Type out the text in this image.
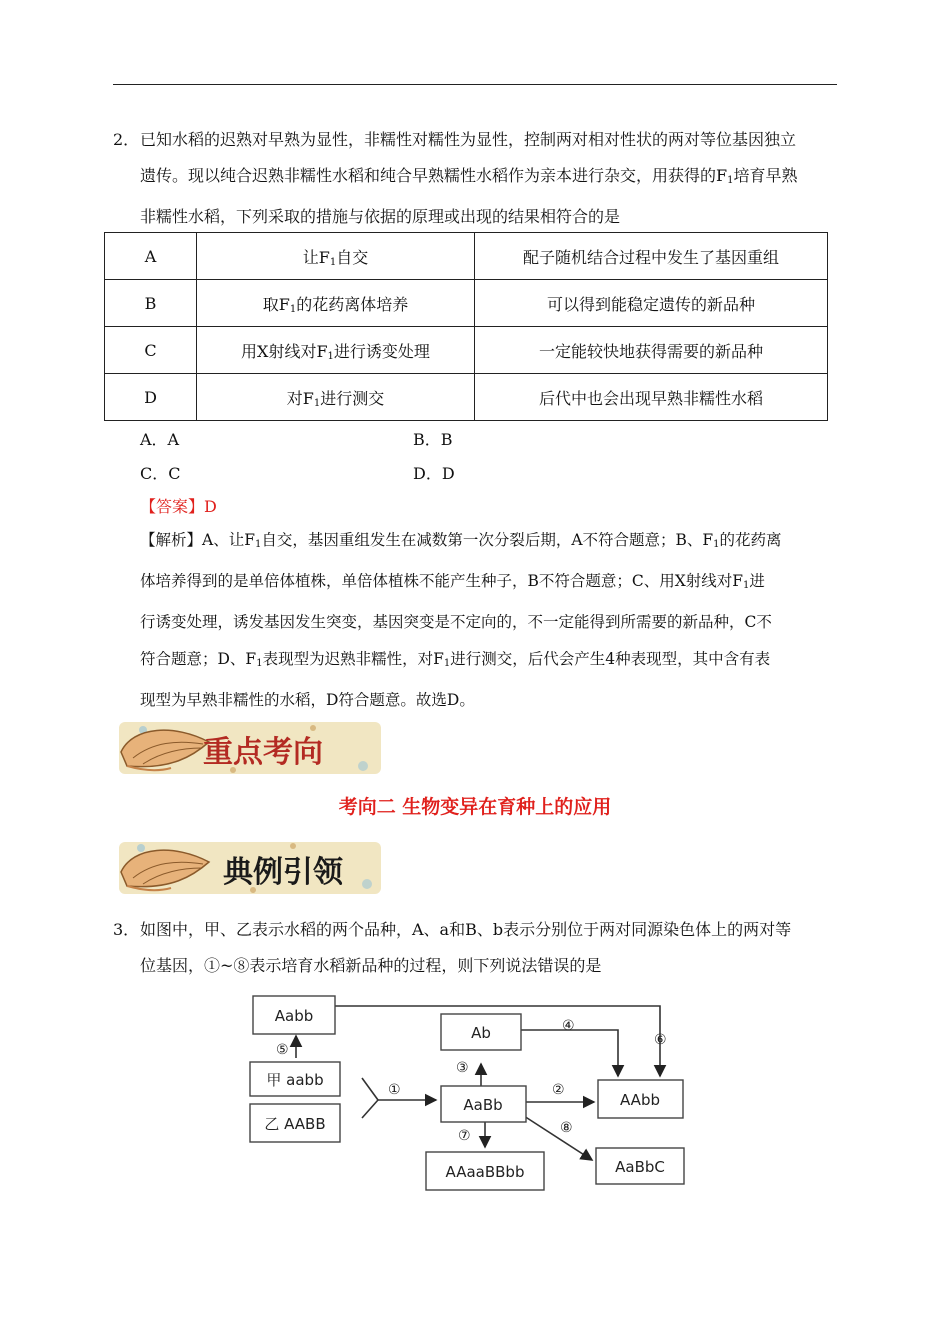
2． 已知水稻的迟熟对早熟为显性，非糯性对糯性为显性，控制两对相对性状的两对等位基因独立
遗传。现以纯合迟熟非糯性水稻和纯合早熟糯性水稻作为亲本进行杂交，用获得的$F_1$培育早熟
非糯性水稻，下列采取的措施与依据的原理或出现的结果相符合的是
A	让$F_1$自交	配子随机结合过程中发生了基因重组
B	取$F_1$的花药离体培养	可以得到能稳定遗传的新品种
C	用X射线对$F_1$进行诱变处理	一定能较快地获得需要的新品种
D	对$F_1$进行测交	后代中也会出现早熟非糯性水稻
A．A	B．B
C．C	D．D
【答案】D
【解析】A、让$F_1$自交，基因重组发生在减数第一次分裂后期，A不符合题意；B、$F_1$的花药离
体培养得到的是单倍体植株，单倍体植株不能产生种子，B不符合题意；C、用X射线对$F_1$进
行诱变处理，诱发基因发生突变，基因突变是不定向的，不一定能得到所需要的新品种，C不
符合题意；D、$F_1$表现型为迟熟非糯性，对$F_1$进行测交，后代会产生4种表现型，其中含有表
现型为早熟非糯性的水稻，D符合题意。故选D。
重点考向
考向二 生物变异在育种上的应用
典例引领
3． 如图中，甲、乙表示水稻的两个品种，A、a和B、b表示分别位于两对同源染色体上的两对等
位基因，①~⑧表示培育水稻新品种的过程，则下列说法错误的是
Aabb
甲 aabb
乙 AABB
Ab
AaBb	AAbb
AAaaBBbb	AaBbC
⑤
①
③
④
⑥
②
⑦	⑧
